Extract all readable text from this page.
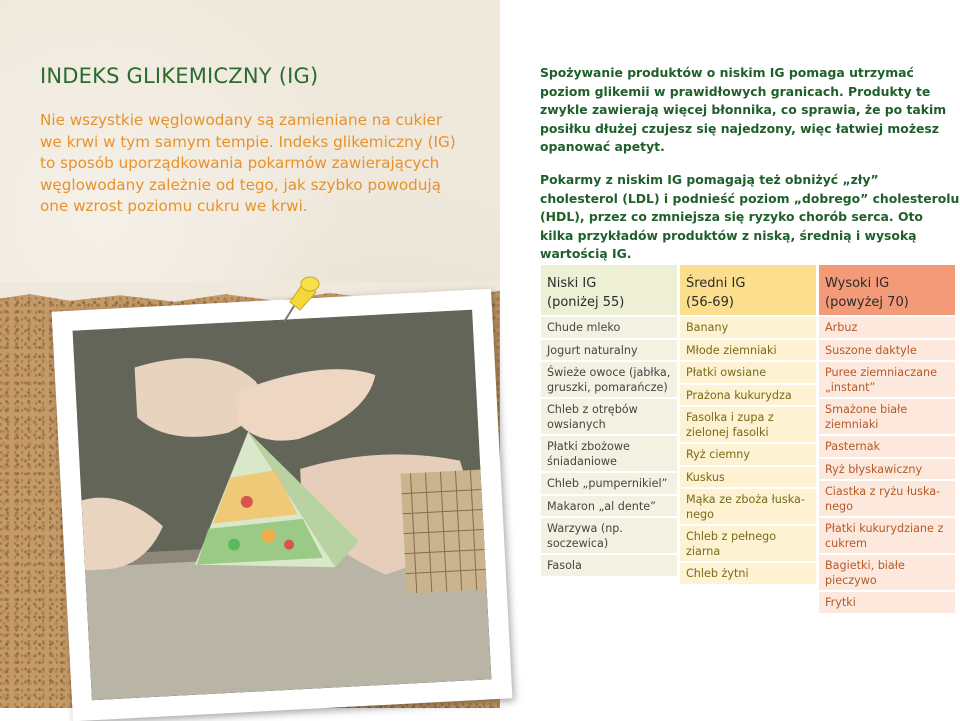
INDEKS GLIKEMICZNY (IG)

Nie wszystkie węglowodany są zamieniane na cukier we krwi w tym samym tempie. Indeks glikemiczny (IG) to sposób uporządkowania pokarmów zawierających węglowodany zależnie od tego, jak szybko powodują one wzrost poziomu cukru we krwi.

Spożywanie produktów o niskim IG pomaga utrzymać poziom glikemii w prawidłowych granicach. Produkty te zwykle zawierają więcej błonnika, co sprawia, że po takim posiłku dłużej czujesz się najedzony, więc łatwiej możesz opanować apetyt.

Pokarmy z niskim IG pomagają też obniżyć „zły” cholesterol (LDL) i podnieść poziom „dobrego” cholesterolu (HDL), przez co zmniejsza się ryzyko chorób serca. Oto kilka przykładów produktów z niską, średnią i wysoką wartością IG.

Niski IG
(poniżej 55)
Średni IG
(56-69)
Wysoki IG
(powyżej 70)
Chude mleko
Jogurt naturalny
Świeże owoce (jabłka, gruszki, pomarańcze)
Chleb z otrębów owsianych
Płatki zbożowe śniadaniowe
Chleb „pumpernikiel”
Makaron „al dente”
Warzywa (np. soczewica)
Fasola
Banany
Młode ziemniaki
Płatki owsiane
Prażona kukurydza
Fasolka i zupa z zielonej fasolki
Ryż ciemny
Kuskus
Mąka ze zboża łuska-nego
Chleb z pełnego ziarna
Chleb żytni
Arbuz
Suszone daktyle
Puree ziemniaczane „instant”
Smażone białe ziemniaki
Pasternak
Ryż błyskawiczny
Ciastka z ryżu łuska-nego
Płatki kukurydziane z cukrem
Bagietki, białe pieczywo
Frytki
